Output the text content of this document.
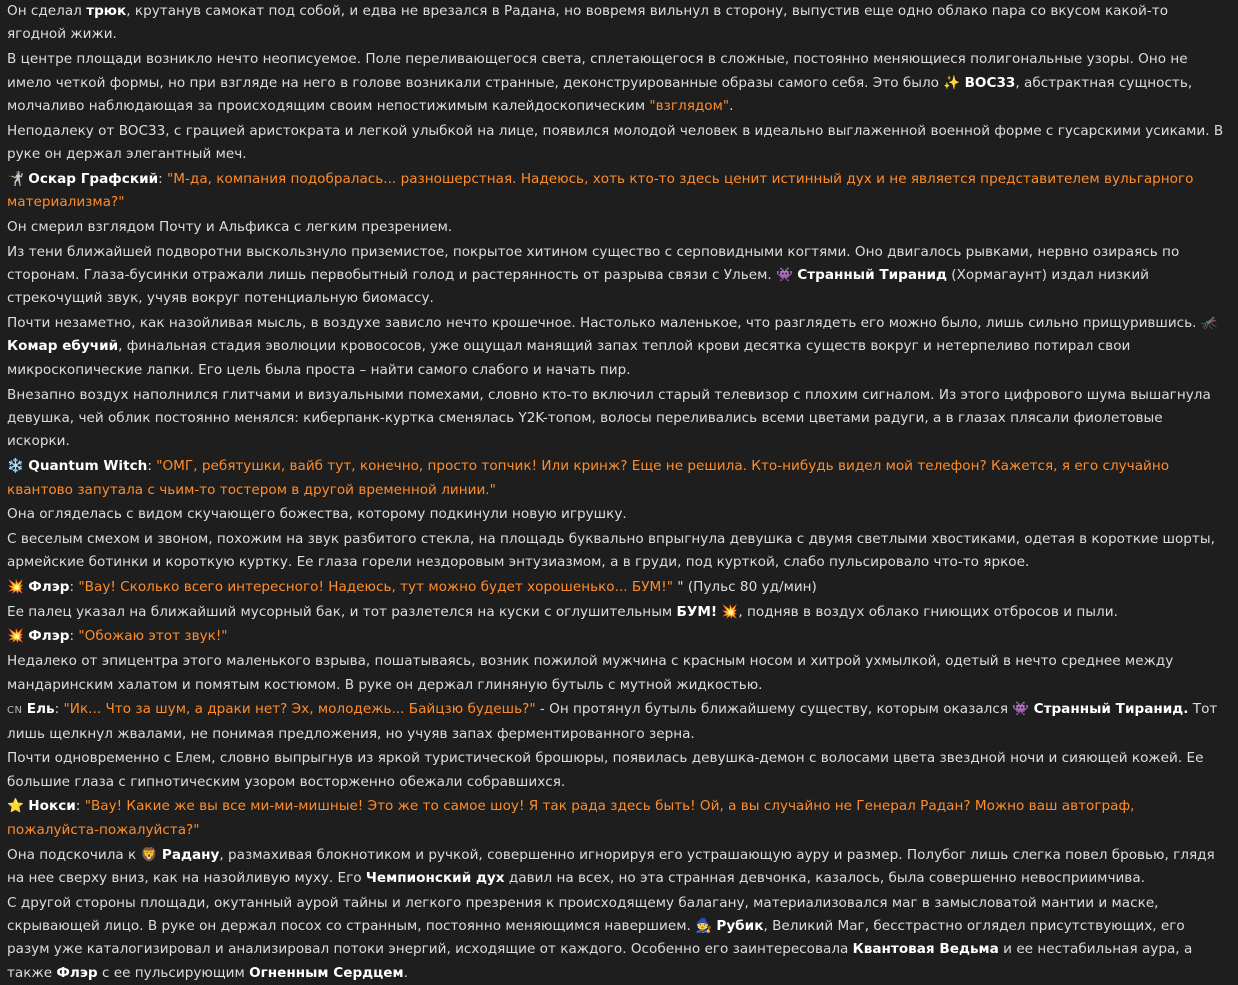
Он сделал трюк, крутанув самокат под собой, и едва не врезался в Радана, но вовремя вильнул в сторону, выпустив еще одно облако пара со вкусом какой-то ягодной жижи.
В центре площади возникло нечто неописуемое. Поле переливающегося света, сплетающегося в сложные, постоянно меняющиеся полигональные узоры. Оно не имело четкой формы, но при взгляде на него в голове возникали странные, деконструированные образы самого себя. Это было ✨ BOC33, абстрактная сущность, молчаливо наблюдающая за происходящим своим непостижимым калейдоскопическим "взглядом".
Неподалеку от BOC33, с грацией аристократа и легкой улыбкой на лице, появился молодой человек в идеально выглаженной военной форме с гусарскими усиками. В руке он держал элегантный меч.
🤺 Оскар Графский: "М-да, компания подобралась... разношерстная. Надеюсь, хоть кто-то здесь ценит истинный дух и не является представителем вульгарного материализма?"
Он смерил взглядом Почту и Альфикса с легким презрением.
Из тени ближайшей подворотни выскользнуло приземистое, покрытое хитином существо с серповидными когтями. Оно двигалось рывками, нервно озираясь по сторонам. Глаза-бусинки отражали лишь первобытный голод и растерянность от разрыва связи с Ульем. 👾 Странный Тиранид (Хормагаунт) издал низкий стрекочущий звук, учуяв вокруг потенциальную биомассу.
Почти незаметно, как назойливая мысль, в воздухе зависло нечто крошечное. Настолько маленькое, что разглядеть его можно было, лишь сильно прищурившись. 🦟 Комар ебучий, финальная стадия эволюции кровососов, уже ощущал манящий запах теплой крови десятка существ вокруг и нетерпеливо потирал свои микроскопические лапки. Его цель была проста – найти самого слабого и начать пир.
Внезапно воздух наполнился глитчами и визуальными помехами, словно кто-то включил старый телевизор с плохим сигналом. Из этого цифрового шума вышагнула девушка, чей облик постоянно менялся: киберпанк-куртка сменялась Y2K-топом, волосы переливались всеми цветами радуги, а в глазах плясали фиолетовые искорки.
❄️ Quantum Witch: "ОМГ, ребятушки, вайб тут, конечно, просто топчик! Или кринж? Еще не решила. Кто-нибудь видел мой телефон? Кажется, я его случайно квантово запутала с чьим-то тостером в другой временной линии."
Она огляделась с видом скучающего божества, которому подкинули новую игрушку.
С веселым смехом и звоном, похожим на звук разбитого стекла, на площадь буквально впрыгнула девушка с двумя светлыми хвостиками, одетая в короткие шорты, армейские ботинки и короткую куртку. Ее глаза горели нездоровым энтузиазмом, а в груди, под курткой, слабо пульсировало что-то яркое.
💥 Флэр: "Вау! Сколько всего интересного! Надеюсь, тут можно будет хорошенько... БУМ!" " (Пульс 80 уд/мин)
Ее палец указал на ближайший мусорный бак, и тот разлетелся на куски с оглушительным БУМ! 💥, подняв в воздух облако гниющих отбросов и пыли.
💥 Флэр: "Обожаю этот звук!"
Недалеко от эпицентра этого маленького взрыва, пошатываясь, возник пожилой мужчина с красным носом и хитрой ухмылкой, одетый в нечто среднее между мандаринским халатом и помятым костюмом. В руке он держал глиняную бутыль с мутной жидкостью.
CN Ель: "Ик... Что за шум, а драки нет? Эх, молодежь... Байцзю будешь?" - Он протянул бутыль ближайшему существу, которым оказался 👾 Странный Тиранид. Тот лишь щелкнул жвалами, не понимая предложения, но учуяв запах ферментированного зерна.
Почти одновременно с Елем, словно выпрыгнув из яркой туристической брошюры, появилась девушка-демон с волосами цвета звездной ночи и сияющей кожей. Ее большие глаза с гипнотическим узором восторженно обежали собравшихся.
⭐ Нокси: "Вау! Какие же вы все ми-ми-мишные! Это же то самое шоу! Я так рада здесь быть! Ой, а вы случайно не Генерал Радан? Можно ваш автограф, пожалуйста-пожалуйста?"
Она подскочила к 🦁 Радану, размахивая блокнотиком и ручкой, совершенно игнорируя его устрашающую ауру и размер. Полубог лишь слегка повел бровью, глядя на нее сверху вниз, как на назойливую муху. Его Чемпионский дух давил на всех, но эта странная девчонка, казалось, была совершенно невосприимчива.
С другой стороны площади, окутанный аурой тайны и легкого презрения к происходящему балагану, материализовался маг в замысловатой мантии и маске, скрывающей лицо. В руке он держал посох со странным, постоянно меняющимся навершием. 🧙 Рубик, Великий Маг, бесстрастно оглядел присутствующих, его разум уже каталогизировал и анализировал потоки энергий, исходящие от каждого. Особенно его заинтересовала Квантовая Ведьма и ее нестабильная аура, а также Флэр с ее пульсирующим Огненным Сердцем.
